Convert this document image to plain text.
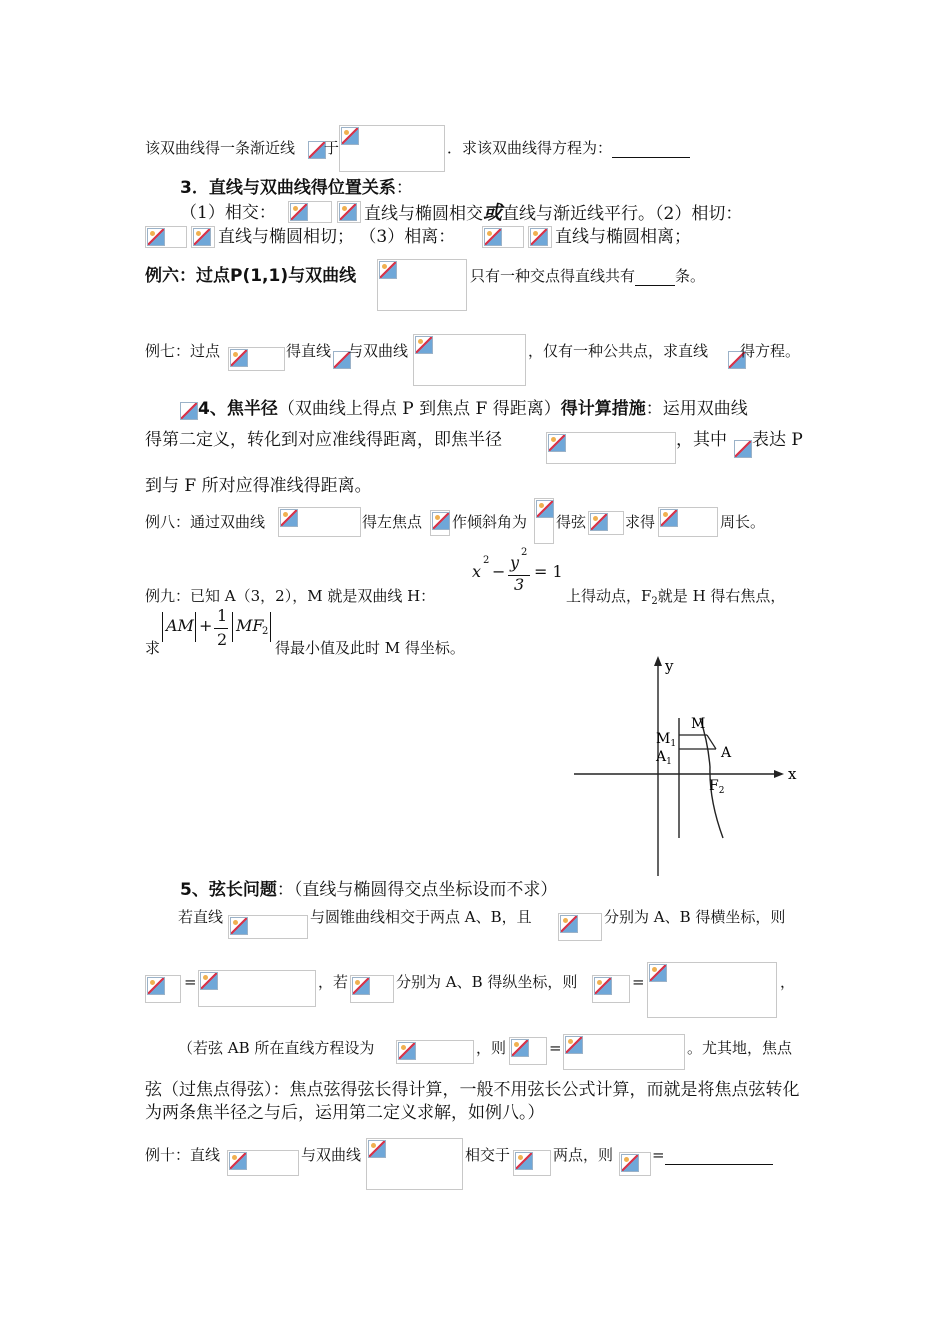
该双曲线得一条渐近线 于	．求该双曲线得方程为：
3．直线与双曲线得位置关系：
（1）相交：	直线与椭圆相交或直线与渐近线平行。（2）相切：
直线与椭圆相切； （3）相离：	直线与椭圆相离；
例六：过点P(1,1)与双曲线	只有一种交点得直线共有	条。
例七：过点	得直线 与双曲线	，仅有一种公共点，求直线 得方程。
4、焦半径（双曲线上得点 P 到焦点 F 得距离）得计算措施：运用双曲线
得第二定义，转化到对应准线得距离，即焦半径	，其中 表达 P
到与 F 所对应得准线得距离。
例八：通过双曲线	得左焦点 作倾斜角为 得弦	求得	周长。
例九：已知 A（3，2），M 就是双曲线 H：
x
2
− y
2
3
= 1
上得动点，$F_2$就是 H 得右焦点，
求
AM +
1
2
MF
2
得最小值及此时 M 得坐标。
y
x
M
$M_1$
$A_1$
A
$F_2$
5、弦长问题：（直线与椭圆得交点坐标设而不求）
若直线	与圆锥曲线相交于两点 A、B，且	分别为 A、B 得横坐标，则
=	，若	分别为 A、B 得纵坐标，则	=	，
（若弦 AB 所在直线方程设为	，则	=	。尤其地，焦点
弦（过焦点得弦）：焦点弦得弦长得计算，一般不用弦长公式计算，而就是将焦点弦转化
为两条焦半径之与后，运用第二定义求解，如例八。）
例十：直线	与双曲线	相交于	两点，则	=
